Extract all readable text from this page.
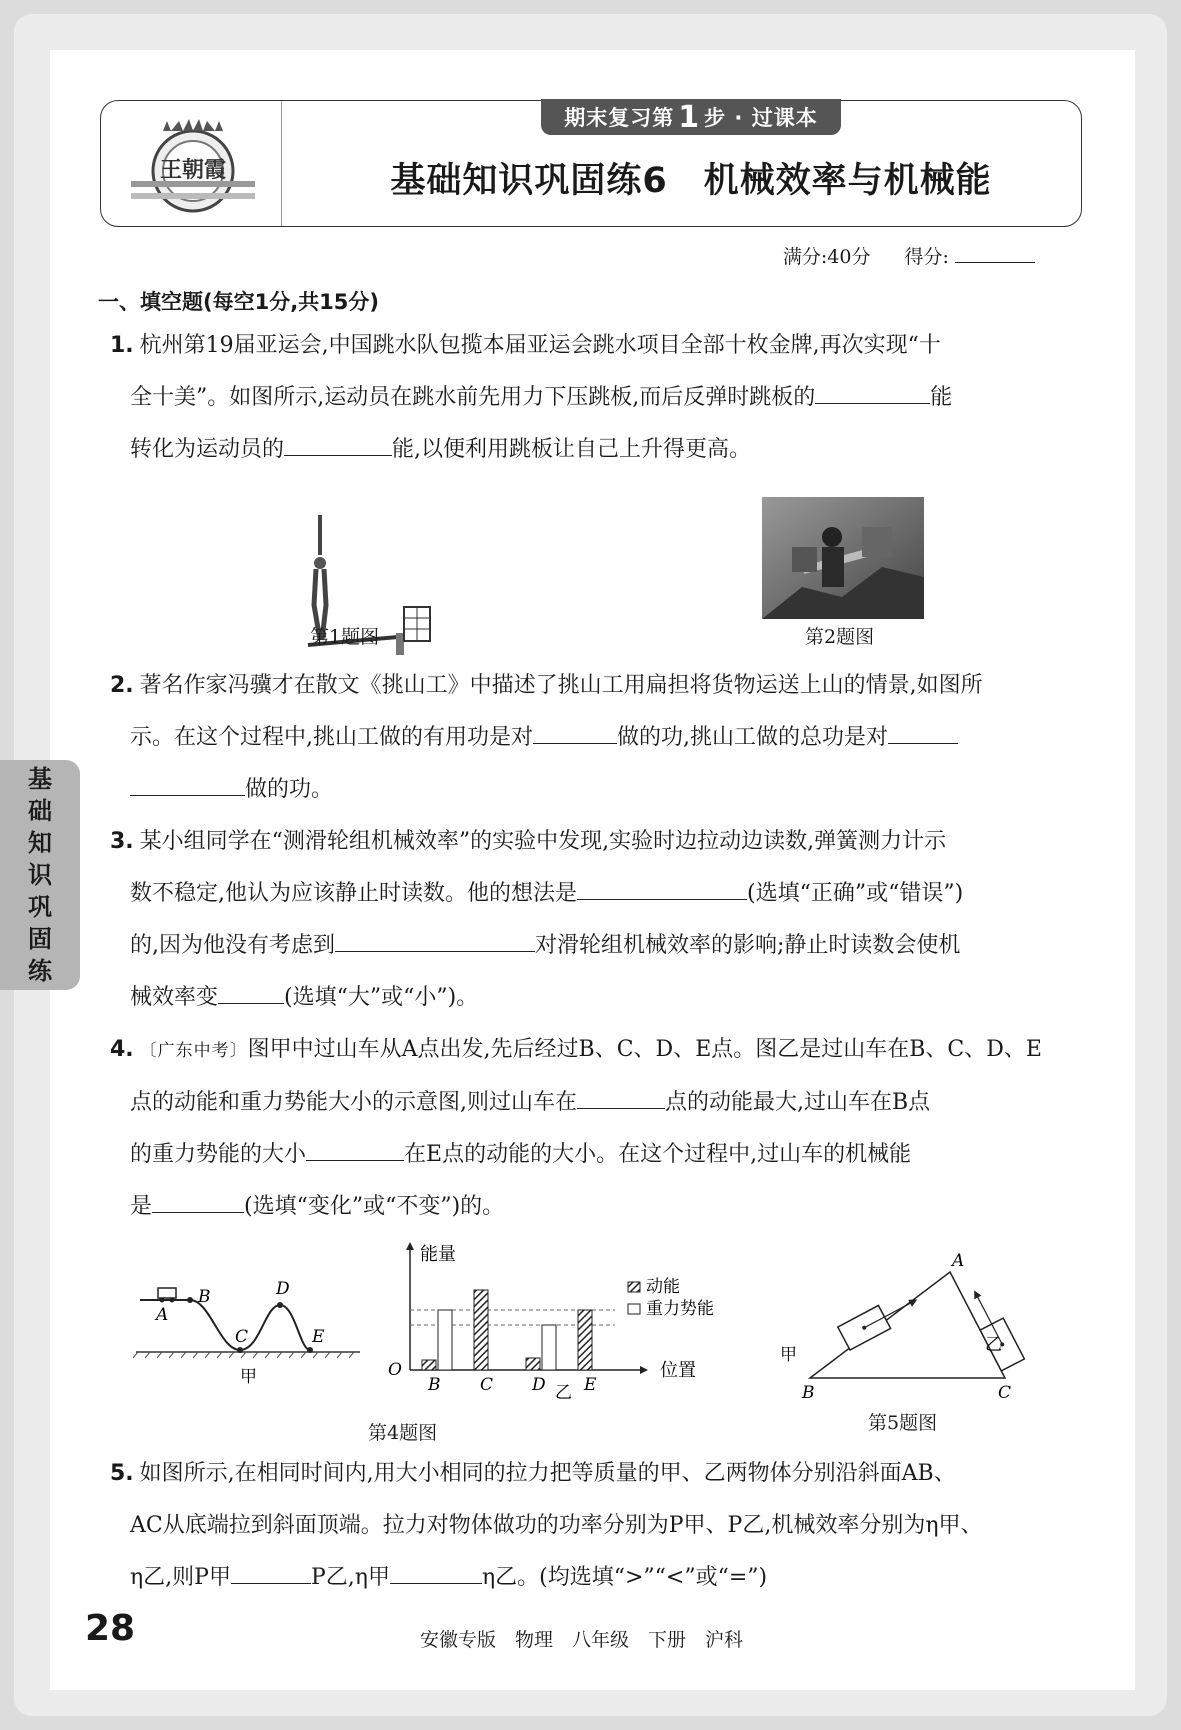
王朝霞
期末复习第 1 步 · 过课本
基础知识巩固练6　机械效率与机械能
满分:40分 得分:
一、填空题(每空1分,共15分)
1. 杭州第19届亚运会,中国跳水队包揽本届亚运会跳水项目全部十枚金牌,再次实现“十
全十美”。如图所示,运动员在跳水前先用力下压跳板,而后反弹时跳板的	能
转化为运动员的	能,以便利用跳板让自己上升得更高。
第1题图	第2题图
2. 著名作家冯骥才在散文《挑山工》中描述了挑山工用扁担将货物运送上山的情景,如图所
示。在这个过程中,挑山工做的有用功是对	做的功,挑山工做的总功是对
做的功。
3. 某小组同学在“测滑轮组机械效率”的实验中发现,实验时边拉动边读数,弹簧测力计示
数不稳定,他认为应该静止时读数。他的想法是	(选填“正确”或“错误”)
的,因为他没有考虑到	对滑轮组机械效率的影响;静止时读数会使机
械效率变	(选填“大”或“小”)。
4. 〔广东中考〕图甲中过山车从A点出发,先后经过B、C、D、E点。图乙是过山车在B、C、D、E
点的动能和重力势能大小的示意图,则过山车在	点的动能最大,过山车在B点
的重力势能的大小	在E点的动能的大小。在这个过程中,过山车的机械能
是	(选填“变化”或“不变”)的。
A
B
C
D
E
甲	B C D E
O
能量
位置
动能
重力势能
乙
第4题图
A
B	C
甲	乙
第5题图
5. 如图所示,在相同时间内,用大小相同的拉力把等质量的甲、乙两物体分别沿斜面AB、
AC从底端拉到斜面顶端。拉力对物体做功的功率分别为P甲、P乙,机械效率分别为η甲、
η乙,则P甲	P乙,η甲	η乙。(均选填“>”“<”或“=”)
基
础
知
识
巩
固
练
28	安徽专版　物理　八年级　下册　沪科
